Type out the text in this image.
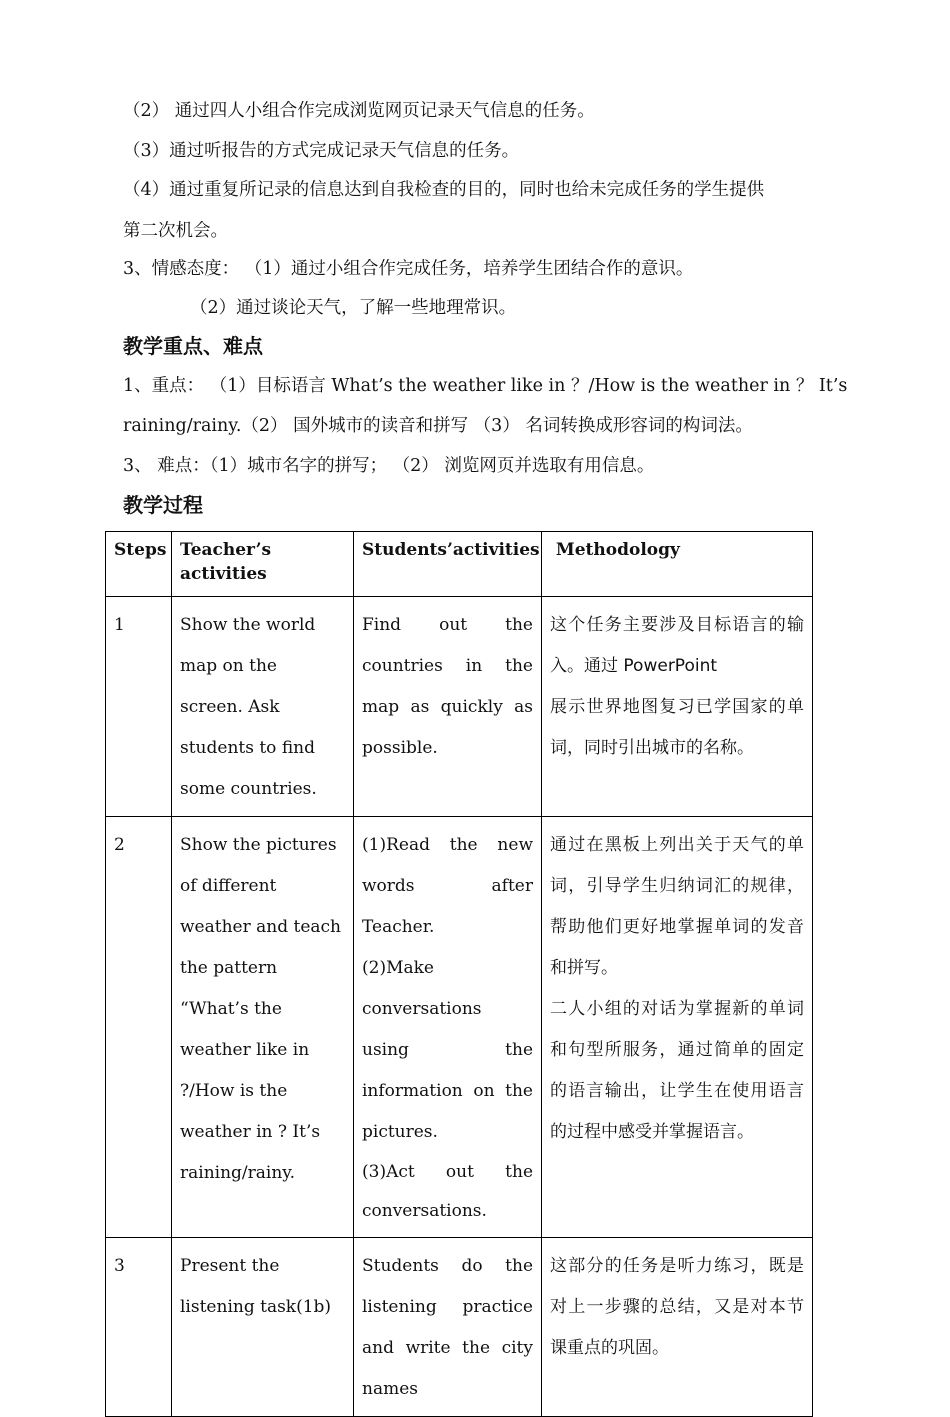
（2） 通过四人小组合作完成浏览网页记录天气信息的任务。
（3）通过听报告的方式完成记录天气信息的任务。
（4）通过重复所记录的信息达到自我检查的目的，同时也给未完成任务的学生提供
第二次机会。
3、情感态度： （1）通过小组合作完成任务，培养学生团结合作的意识。
（2）通过谈论天气，了解一些地理常识。
教学重点、难点
1、重点： （1）目标语言 What’s the weather like in ？/How is the weather in ？ It’s
raining/rainy.（2） 国外城市的读音和拼写 （3） 名词转换成形容词的构词法。
3、 难点：（1）城市名字的拼写； （2） 浏览网页并选取有用信息。
教学过程
Steps	Teacher’s activities	Students’activities	Methodology
1	Show the world map on the screen. Ask students to find some countries.	Find out the countries in the map as quickly as possible.	这个任务主要涉及目标语言的输入。通过 PowerPoint
展示世界地图复习已学国家的单词，同时引出城市的名称。

2	Show the pictures of different weather and teach the pattern “What’s the weather like in ?/How is the weather in ? It’s raining/rainy.	(1)Read the new words after Teacher.
(2)Make conversations using the information on the pictures.
(3)Act out the conversations.	通过在黑板上列出关于天气的单词，引导学生归纳词汇的规律，帮助他们更好地掌握单词的发音和拼写。
二人小组的对话为掌握新的单词和句型所服务，通过简单的固定的语言输出，让学生在使用语言的过程中感受并掌握语言。

3	Present the listening task(1b)	Students do the listening practice and write the city names	这部分的任务是听力练习，既是对上一步骤的总结，又是对本节课重点的巩固。
